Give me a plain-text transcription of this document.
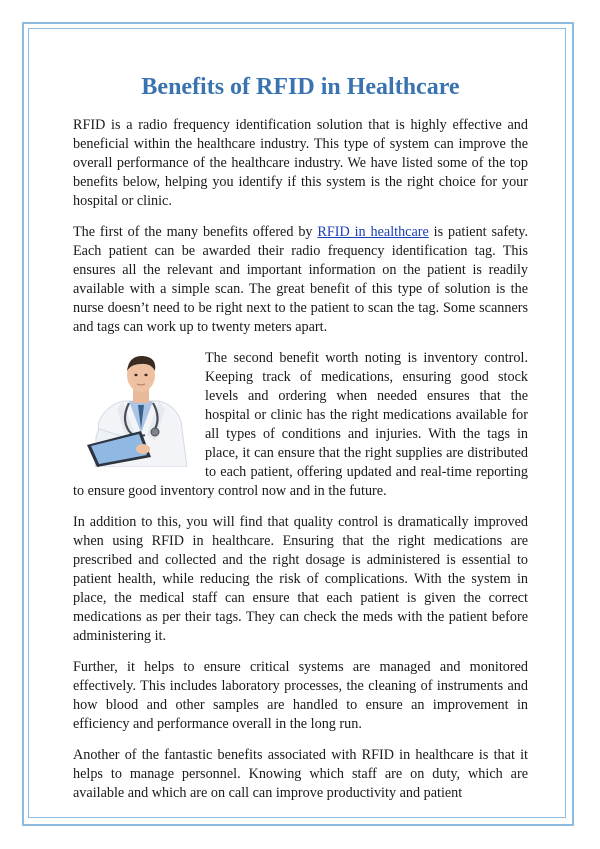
Benefits of RFID in Healthcare

RFID is a radio frequency identification solution that is highly effective and beneficial within the healthcare industry. This type of system can improve the overall performance of the healthcare industry. We have listed some of the top benefits below, helping you identify if this system is the right choice for your hospital or clinic.

The first of the many benefits offered by RFID in healthcare is patient safety. Each patient can be awarded their radio frequency identification tag. This ensures all the relevant and important information on the patient is readily available with a simple scan. The great benefit of this type of solution is the nurse doesn’t need to be right next to the patient to scan the tag. Some scanners and tags can work up to twenty meters apart.

The second benefit worth noting is inventory control. Keeping track of medications, ensuring good stock levels and ordering when needed ensures that the hospital or clinic has the right medications available for all types of conditions and injuries. With the tags in place, it can ensure that the right supplies are distributed to each patient, offering updated and real-time reporting to ensure good inventory control now and in the future.

In addition to this, you will find that quality control is dramatically improved when using RFID in healthcare. Ensuring that the right medications are prescribed and collected and the right dosage is administered is essential to patient health, while reducing the risk of complications. With the system in place, the medical staff can ensure that each patient is given the correct medications as per their tags. They can check the meds with the patient before administering it.

Further, it helps to ensure critical systems are managed and monitored effectively. This includes laboratory processes, the cleaning of instruments and how blood and other samples are handled to ensure an improvement in efficiency and performance overall in the long run.

Another of the fantastic benefits associated with RFID in healthcare is that it helps to manage personnel. Knowing which staff are on duty, which are available and which are on call can improve productivity and patient
